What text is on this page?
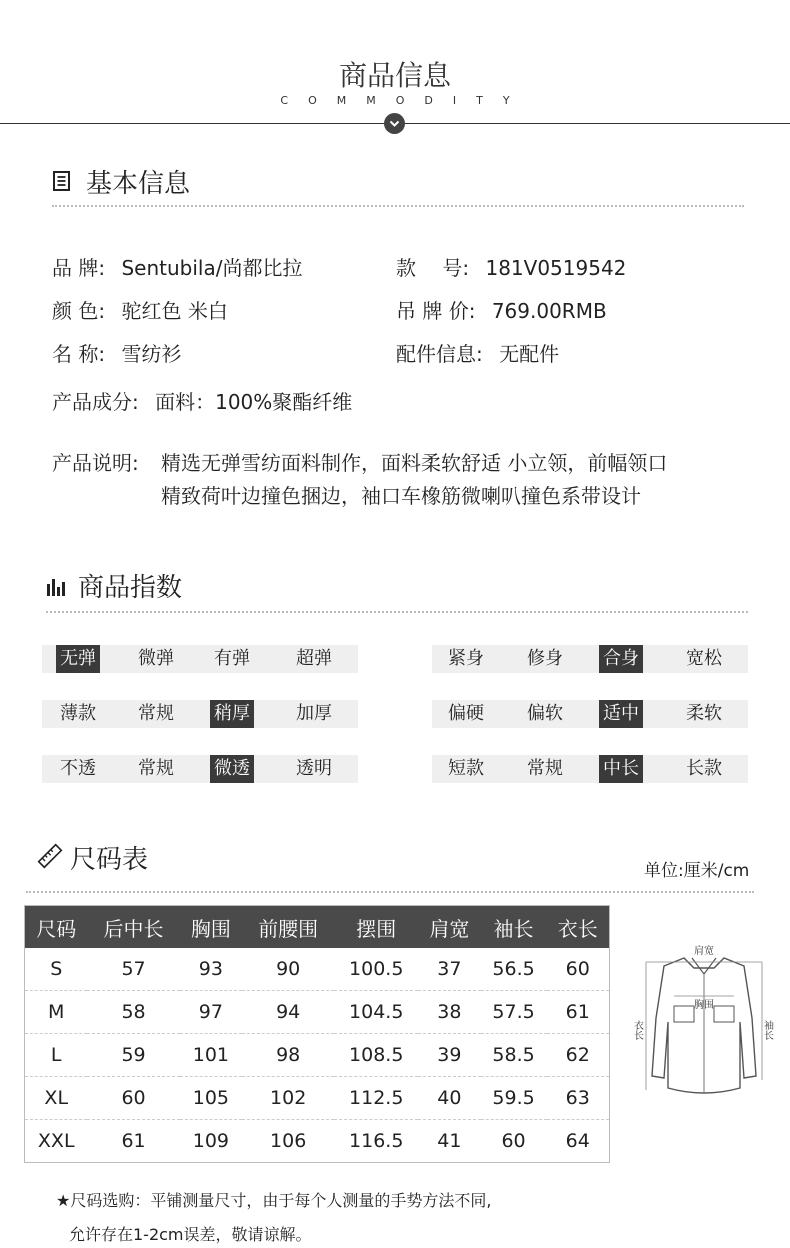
商品信息
COMMODITY
基本信息
品 牌: Sentubila/尚都比拉	款　 号: 181V0519542
颜 色: 驼红色 米白	吊 牌 价: 769.00RMB
名 称: 雪纺衫	配件信息: 无配件
产品成分: 面料：100%聚酯纤维
产品说明: 精选无弹雪纺面料制作，面料柔软舒适 小立领，前幅领口
精致荷叶边撞色捆边，袖口车橡筋微喇叭撞色系带设计
商品指数
无弹 微弹 有弹	超弹	紧身 修身 合身	宽松
薄款 常规 稍厚	加厚	偏硬 偏软 适中	柔软
不透 常规 微透	透明	短款 常规 中长	长款
尺码表	单位:厘米/cm
尺码	后中长	胸围	前腰围	摆围	肩宽	袖长	衣长
S	57	93	90	100.5	37	56.5	60
M	58	97	94	104.5	38	57.5	61
L	59	101	98	108.5	39	58.5	62
XL	60	105	102	112.5	40	59.5	63
XXL	61	109	106	116.5	41	60	64
肩宽
胸围
衣长	袖长
★尺码选购：平铺测量尺寸，由于每个人测量的手势方法不同,
允许存在1-2cm误差，敬请谅解。
